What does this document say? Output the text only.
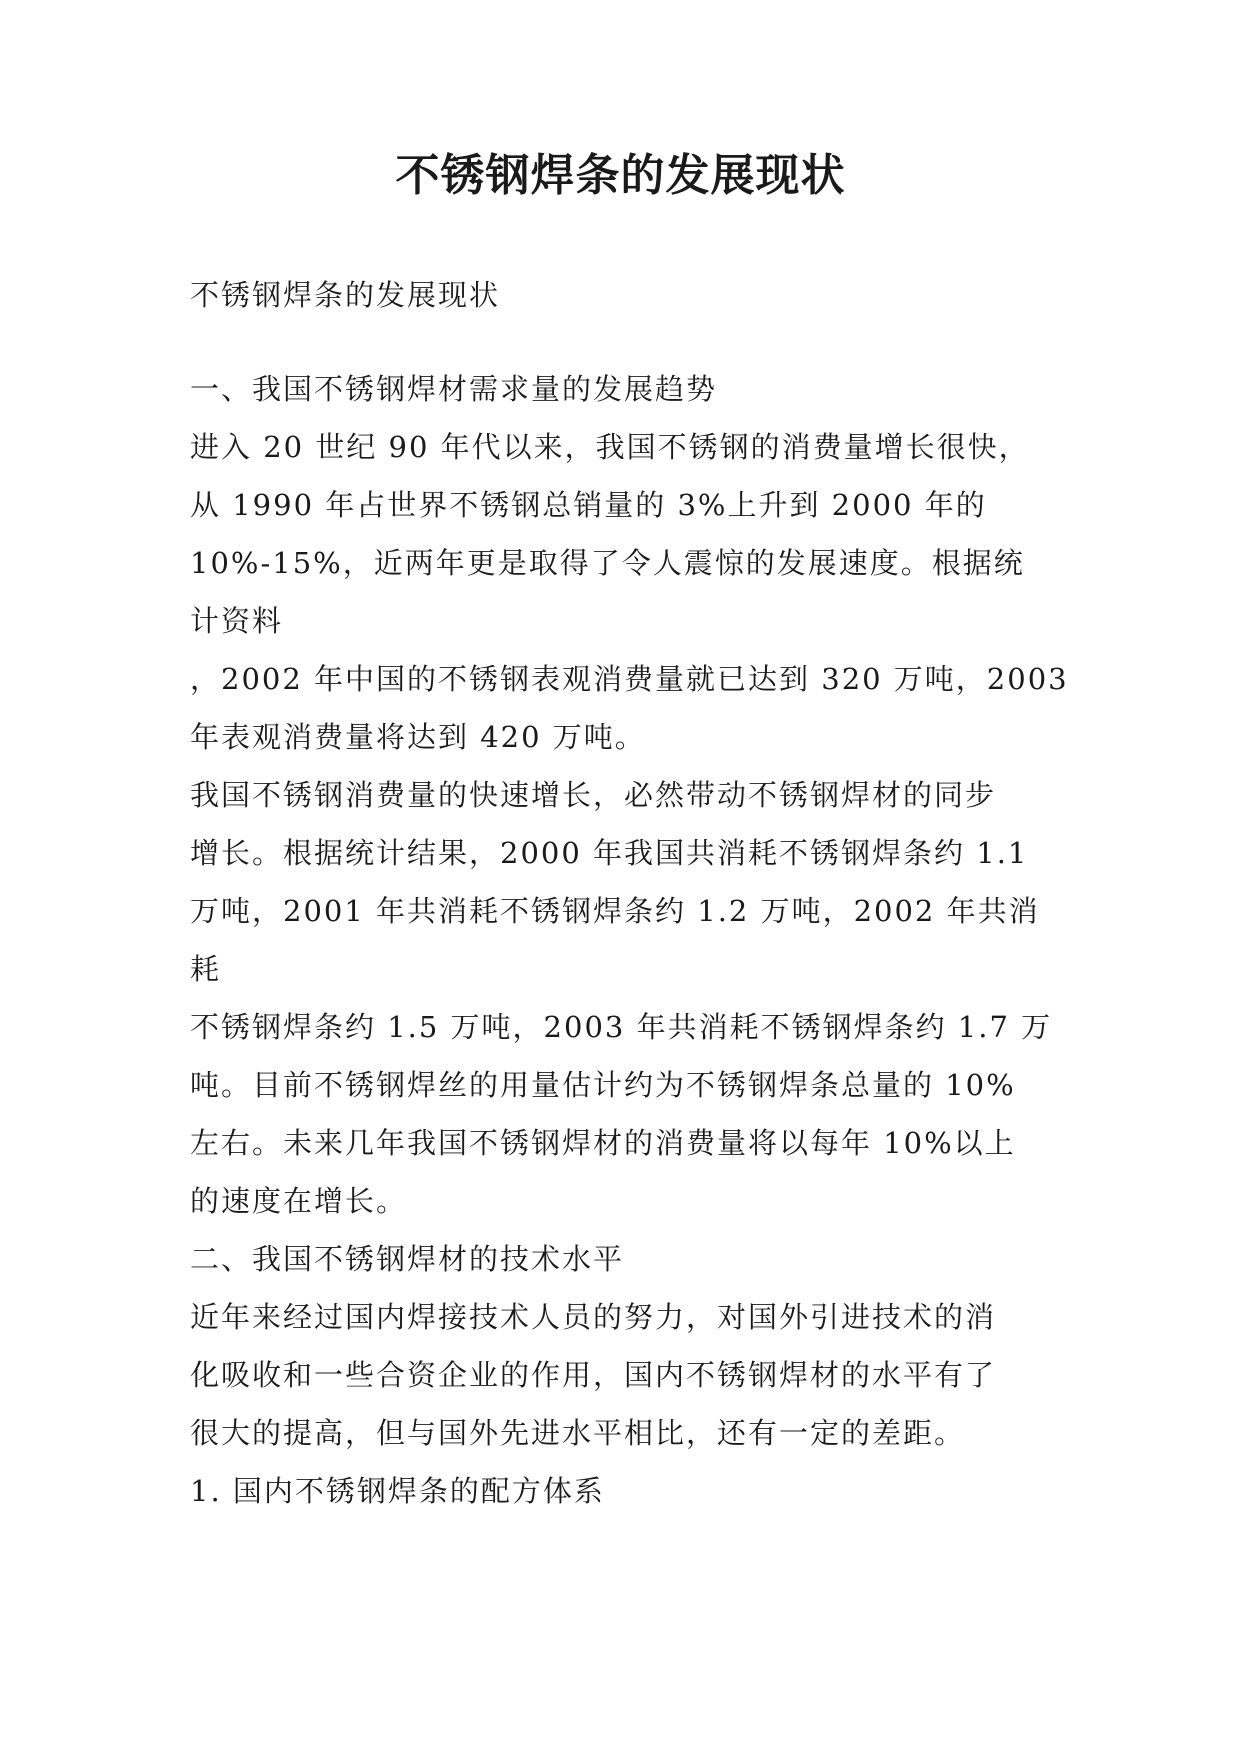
不锈钢焊条的发展现状

不锈钢焊条的发展现状

一、我国不锈钢焊材需求量的发展趋势
进入 20 世纪 90 年代以来，我国不锈钢的消费量增长很快，
从 1990 年占世界不锈钢总销量的 3%上升到 2000 年的
10%-15%，近两年更是取得了令人震惊的发展速度。根据统
计资料
，2002 年中国的不锈钢表观消费量就已达到 320 万吨，2003
年表观消费量将达到 420 万吨。
我国不锈钢消费量的快速增长，必然带动不锈钢焊材的同步
增长。根据统计结果，2000 年我国共消耗不锈钢焊条约 1.1
万吨，2001 年共消耗不锈钢焊条约 1.2 万吨，2002 年共消
耗
不锈钢焊条约 1.5 万吨，2003 年共消耗不锈钢焊条约 1.7 万
吨。目前不锈钢焊丝的用量估计约为不锈钢焊条总量的 10%
左右。未来几年我国不锈钢焊材的消费量将以每年 10%以上
的速度在增长。
二、我国不锈钢焊材的技术水平
近年来经过国内焊接技术人员的努力，对国外引进技术的消
化吸收和一些合资企业的作用，国内不锈钢焊材的水平有了
很大的提高，但与国外先进水平相比，还有一定的差距。
1. 国内不锈钢焊条的配方体系
